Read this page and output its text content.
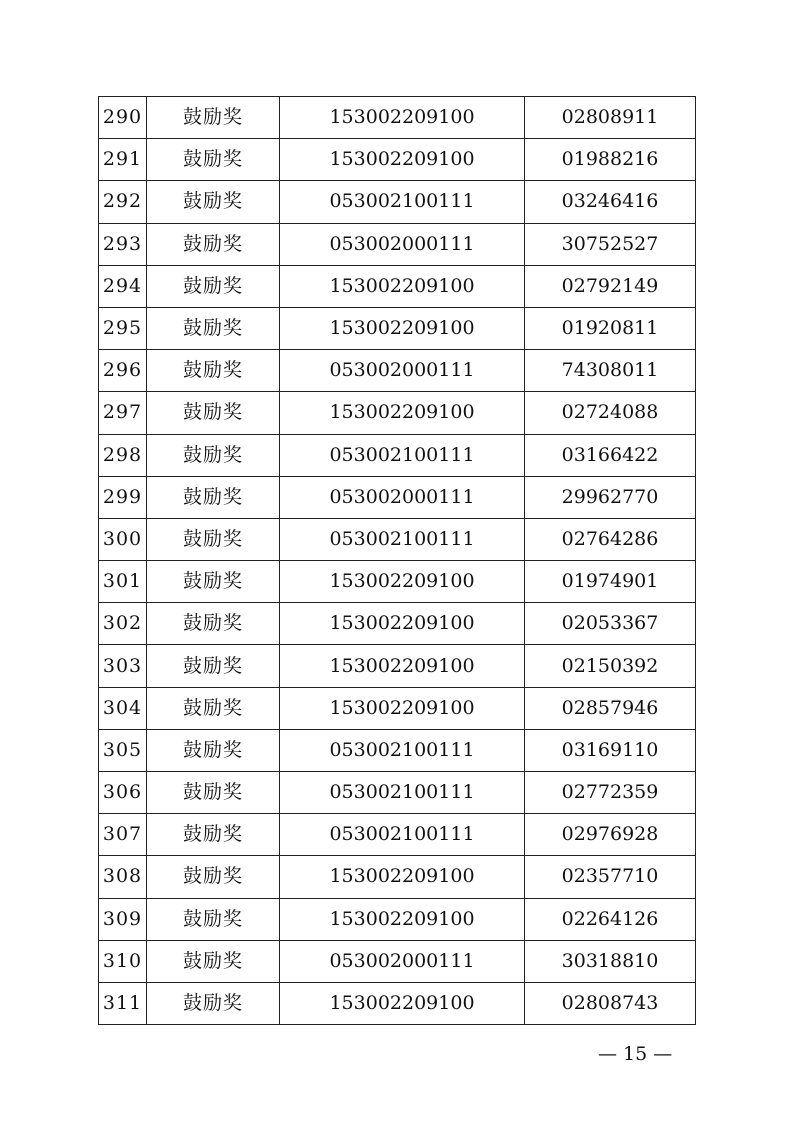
290	鼓励奖	153002209100	02808911
291	鼓励奖	153002209100	01988216
292	鼓励奖	053002100111	03246416
293	鼓励奖	053002000111	30752527
294	鼓励奖	153002209100	02792149
295	鼓励奖	153002209100	01920811
296	鼓励奖	053002000111	74308011
297	鼓励奖	153002209100	02724088
298	鼓励奖	053002100111	03166422
299	鼓励奖	053002000111	29962770
300	鼓励奖	053002100111	02764286
301	鼓励奖	153002209100	01974901
302	鼓励奖	153002209100	02053367
303	鼓励奖	153002209100	02150392
304	鼓励奖	153002209100	02857946
305	鼓励奖	053002100111	03169110
306	鼓励奖	053002100111	02772359
307	鼓励奖	053002100111	02976928
308	鼓励奖	153002209100	02357710
309	鼓励奖	153002209100	02264126
310	鼓励奖	053002000111	30318810
311	鼓励奖	153002209100	02808743
— 15 —
